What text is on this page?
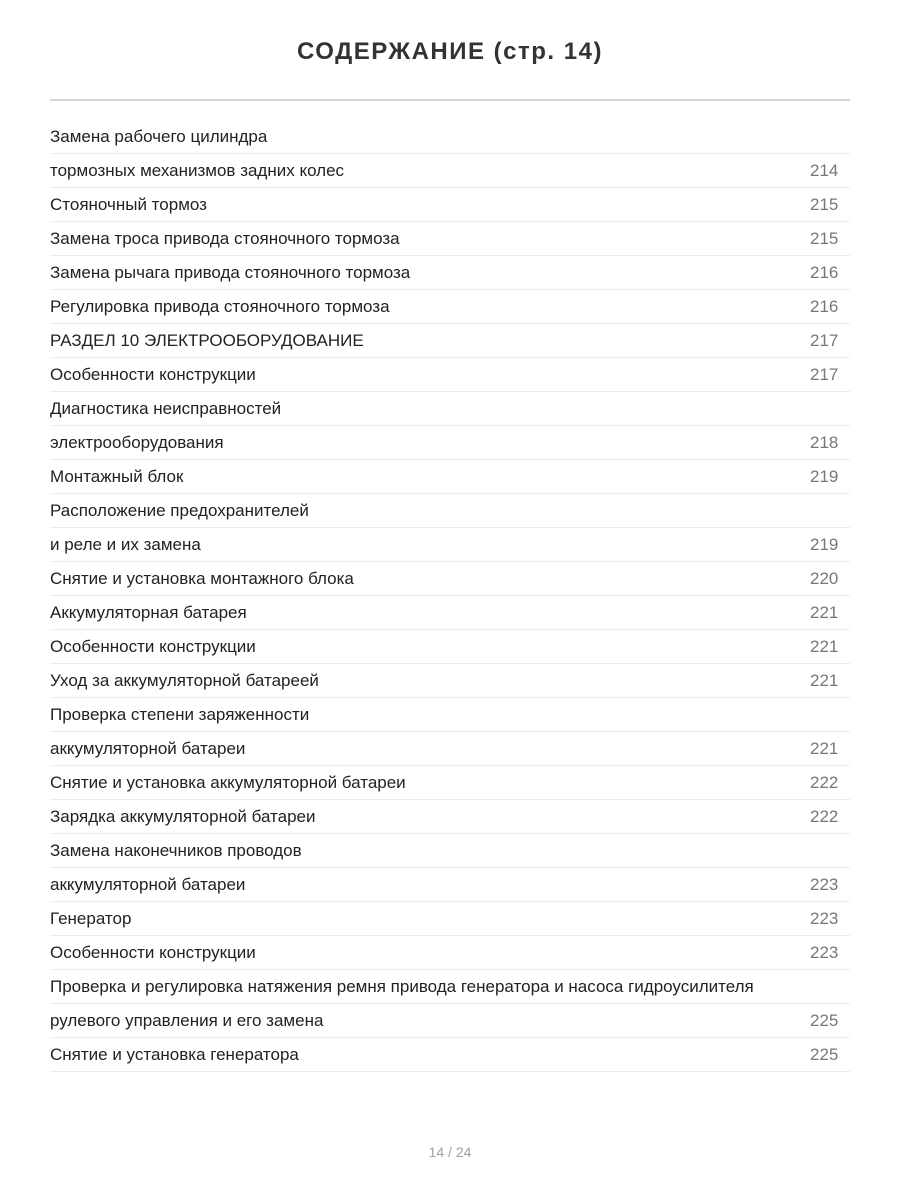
СОДЕРЖАНИЕ (стр. 14)
Замена рабочего цилиндра
тормозных механизмов задних колес	214
Стояночный тормоз	215
Замена троса привода стояночного тормоза	215
Замена рычага привода стояночного тормоза	216
Регулировка привода стояночного тормоза	216
РАЗДЕЛ 10 ЭЛЕКТРООБОРУДОВАНИЕ	217
Особенности конструкции	217
Диагностика неисправностей
электрооборудования	218
Монтажный блок	219
Расположение предохранителей
и реле и их замена	219
Снятие и установка монтажного блока	220
Аккумуляторная батарея	221
Особенности конструкции	221
Уход за аккумуляторной батареей	221
Проверка степени заряженности
аккумуляторной батареи	221
Снятие и установка аккумуляторной батареи	222
Зарядка аккумуляторной батареи	222
Замена наконечников проводов
аккумуляторной батареи	223
Генератор	223
Особенности конструкции	223
Проверка и регулировка натяжения ремня привода генератора и насоса гидроусилителя
рулевого управления и его замена	225
Снятие и установка генератора	225
14 / 24
